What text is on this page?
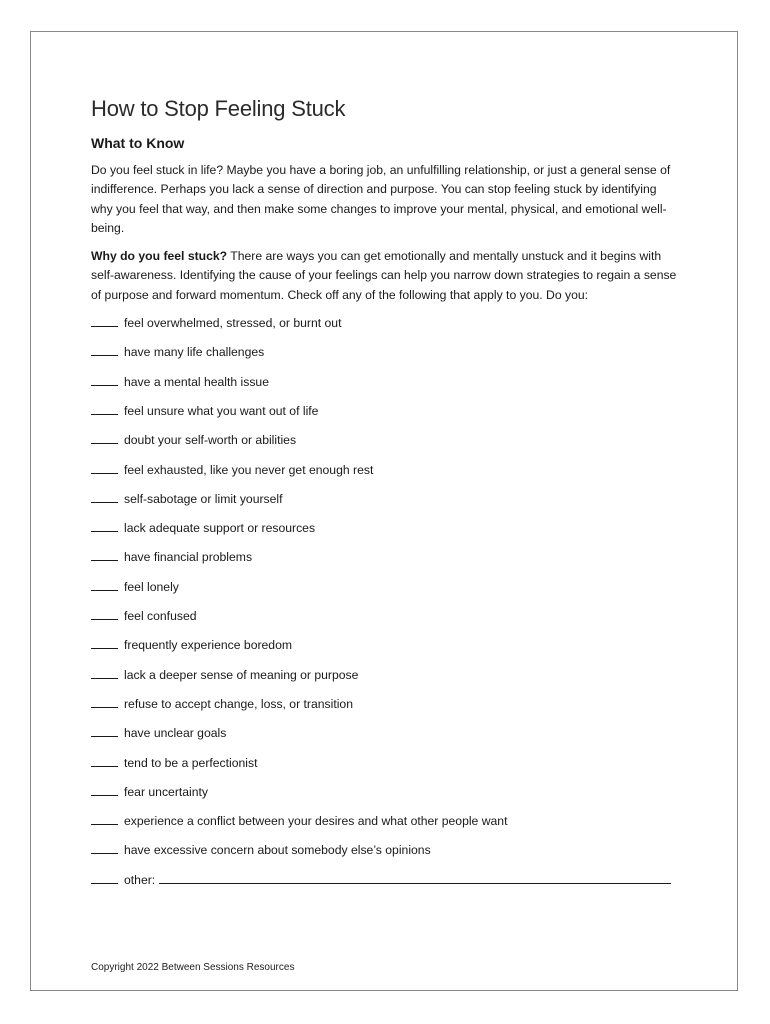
How to Stop Feeling Stuck
What to Know

Do you feel stuck in life? Maybe you have a boring job, an unfulfilling relationship, or just a general sense of indifference. Perhaps you lack a sense of direction and purpose. You can stop feeling stuck by identifying why you feel that way, and then make some changes to improve your mental, physical, and emotional well-being.

Why do you feel stuck? There are ways you can get emotionally and mentally unstuck and it begins with self-awareness. Identifying the cause of your feelings can help you narrow down strategies to regain a sense of purpose and forward momentum. Check off any of the following that apply to you. Do you:

feel overwhelmed, stressed, or burnt out
have many life challenges
have a mental health issue
feel unsure what you want out of life
doubt your self-worth or abilities
feel exhausted, like you never get enough rest
self-sabotage or limit yourself
lack adequate support or resources
have financial problems
feel lonely
feel confused
frequently experience boredom
lack a deeper sense of meaning or purpose
refuse to accept change, loss, or transition
have unclear goals
tend to be a perfectionist
fear uncertainty
experience a conflict between your desires and what other people want
have excessive concern about somebody else’s opinions
other:
Copyright 2022 Between Sessions Resources
